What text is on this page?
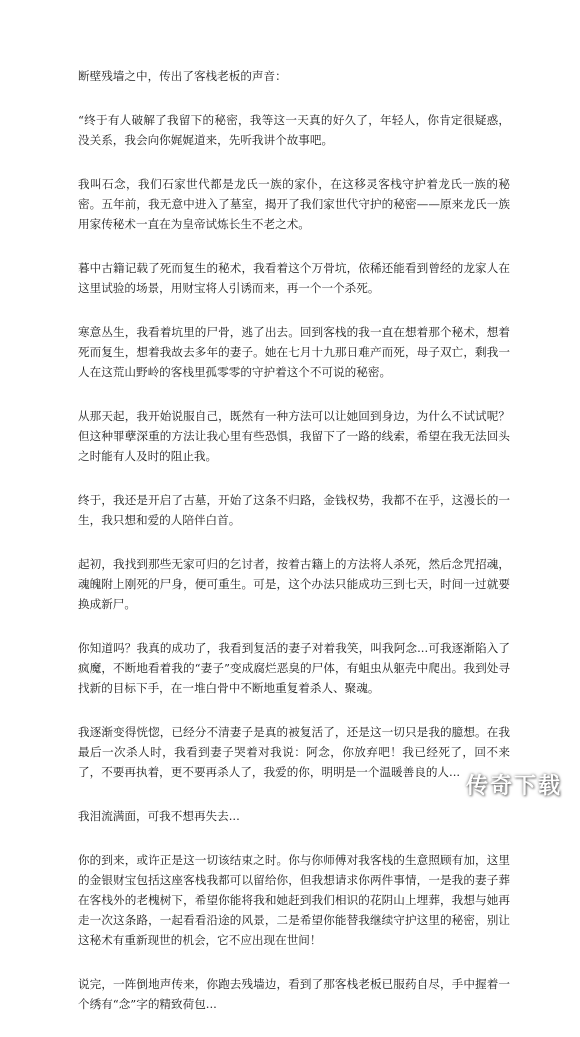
断壁残墙之中，传出了客栈老板的声音：

“终于有人破解了我留下的秘密，我等这一天真的好久了，年轻人，你肯定很疑惑，没关系，我会向你娓娓道来，先听我讲个故事吧。

我叫石念，我们石家世代都是龙氏一族的家仆，在这移灵客栈守护着龙氏一族的秘密。五年前，我无意中进入了墓室，揭开了我们家世代守护的秘密——原来龙氏一族用家传秘术一直在为皇帝试炼长生不老之术。

暮中古籍记载了死而复生的秘术，我看着这个万骨坑，依稀还能看到曾经的龙家人在这里试验的场景，用财宝将人引诱而来，再一个一个杀死。

寒意丛生，我看着坑里的尸骨，逃了出去。回到客栈的我一直在想着那个秘术，想着死而复生，想着我故去多年的妻子。她在七月十九那日难产而死，母子双亡，剩我一人在这荒山野岭的客栈里孤零零的守护着这个不可说的秘密。

从那天起，我开始说服自己，既然有一种方法可以让她回到身边，为什么不试试呢？但这种罪孽深重的方法让我心里有些恐惧，我留下了一路的线索，希望在我无法回头之时能有人及时的阻止我。

终于，我还是开启了古墓，开始了这条不归路，金钱权势，我都不在乎，这漫长的一生，我只想和爱的人陪伴白首。

起初，我找到那些无家可归的乞讨者，按着古籍上的方法将人杀死，然后念咒招魂，魂魄附上刚死的尸身，便可重生。可是，这个办法只能成功三到七天，时间一过就要换成新尸。

你知道吗？我真的成功了，我看到复活的妻子对着我笑，叫我阿念...可我逐渐陷入了疯魔，不断地看着我的“妻子”变成腐烂恶臭的尸体，有蛆虫从躯壳中爬出。我到处寻找新的目标下手，在一堆白骨中不断地重复着杀人、聚魂。

我逐渐变得恍惚，已经分不清妻子是真的被复活了，还是这一切只是我的臆想。在我最后一次杀人时，我看到妻子哭着对我说：阿念，你放弃吧！我已经死了，回不来了，不要再执着，更不要再杀人了，我爱的你，明明是一个温暖善良的人...

我泪流满面，可我不想再失去...

你的到来，或许正是这一切该结束之时。你与你师傅对我客栈的生意照顾有加，这里的金银财宝包括这座客栈我都可以留给你，但我想请求你两件事情，一是我的妻子葬在客栈外的老槐树下，希望你能将我和她赶到我们相识的花阴山上埋葬，我想与她再走一次这条路，一起看看沿途的风景，二是希望你能替我继续守护这里的秘密，别让这秘术有重新现世的机会，它不应出现在世间！

说完，一阵倒地声传来，你跑去残墙边，看到了那客栈老板已服药自尽，手中握着一个绣有“念”字的精致荷包...

传奇下载
